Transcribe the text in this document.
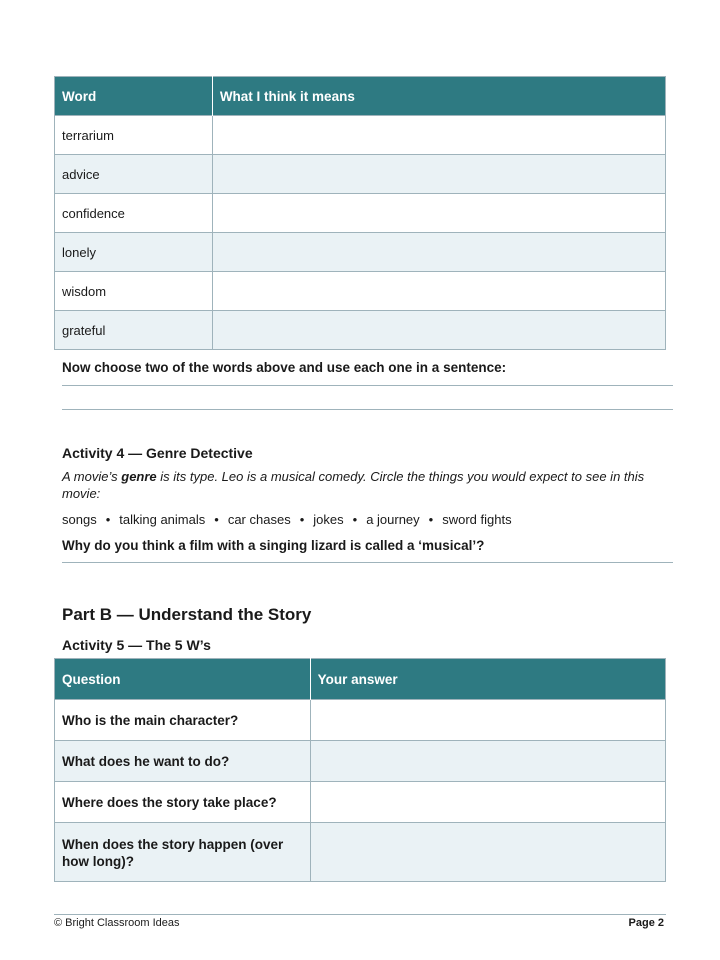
Word	What I think it means
terrarium	
advice	
confidence	
lonely	
wisdom	
grateful	
Now choose two of the words above and use each one in a sentence:
Activity 4 — Genre Detective
A movie’s genre is its type. Leo is a musical comedy. Circle the things you would expect to see in this movie:
songs • talking animals • car chases • jokes • a journey • sword fights
Why do you think a film with a singing lizard is called a ‘musical’?
Part B — Understand the Story
Activity 5 — The 5 W’s
Question	Your answer
Who is the main character?	
What does he want to do?	
Where does the story take place?	
When does the story happen (over how long)?	
© Bright Classroom Ideas	Page 2
